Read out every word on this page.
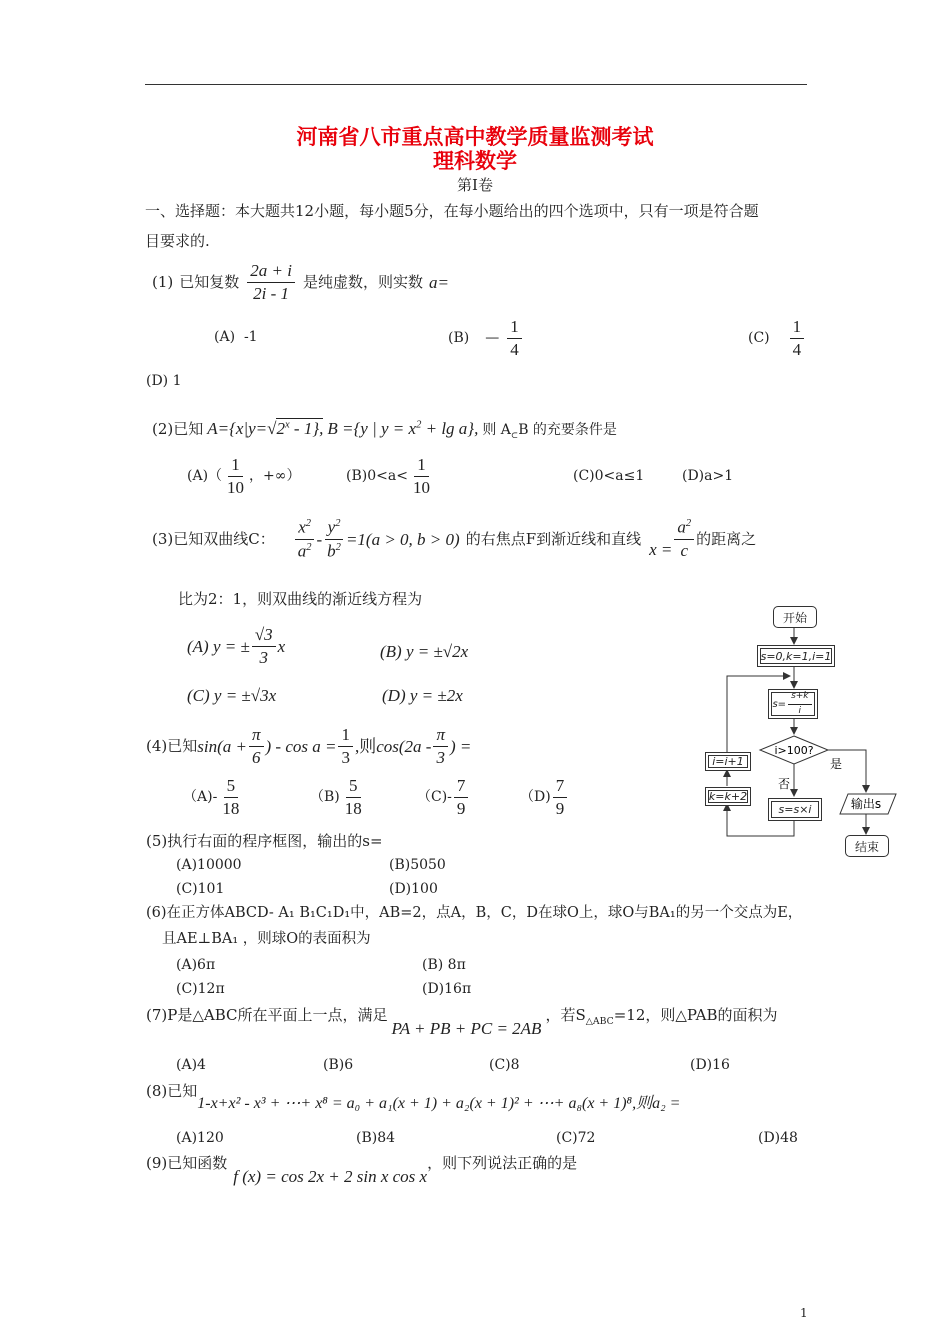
河南省八市重点高中教学质量监测考试
理科数学
第Ⅰ卷
一、选择题：本大题共12小题，每小题5分，在每小题给出的四个选项中，只有一项是符合题
目要求的.
(1) 已知复数 $\frac{2a + i}{2i - 1}$ 是纯虚数，则实数 a=
(A) -1	(B) — $\frac{1}{4}$	$(C) \frac{1}{4}$
(D) 1
(2)已知 $A=\{x|y=√2^x - 1\}$, B ={y | $y = x^2 + \lg a$}, 则 $A_\subset B$ 的充要条件是
$(A)( \frac{1}{10}$ ，+∞）	$(B)0<a< \frac{1}{10}$	(C)0<a≤1	(D)a>1
(3)已知双曲线C： $\frac{x^2}{a^2} - \frac{y^2}{b^2} =1(a > 0$, b > 0) 的右焦点F到渐近线和直线
$x = \frac{a^2}{c}$ 的距离之
比为2：1，则双曲线的渐近线方程为
(A) y = ± $\frac{√3}{3}$ x	(B) y = ±√2x
(C) y = ±√3x	(D) y = ±2x
(4)已知 $\sin(a + \frac{\pi}{6}$ ) - $\cos a = \frac{1}{3}$ ,则 $\cos(2a - \frac{\pi}{3}$ ) =
$(A)- \frac{5}{18}$	$(B) \frac{5}{18}$	$(C)- \frac{7}{9}$	$(D) \frac{7}{9}$
(5)执行右面的程序框图，输出的s=
(A)10000	(B)5050
(C)101	(D)100
(6)在正方体ABCD- A₁ B₁C₁D₁中，AB=2，点A，B，C，D在球O上，球O与BA₁的另一个交点为E，
且AE⊥BA₁ ，则球O的表面积为
(A)6π	(B) 8π
(C)12π	(D)16π
(7)P是△ABC所在平面上一点，满足
PA + PB + PC = 2AB
，若$S_{\triangle ABC}=12$，则△PAB的面积为
(A)4	(B)6	(C)8	(D)16
(8)已知
1-x+x² - x³ + ⋯+ x⁸ = a₀ + a₁(x + 1) + a₂(x + 1)² + ⋯+ a₈(x + 1)⁸,则a₂ =
(A)120	(B)84	(C)72	(D)48
(9)已知函数
f (x) = cos 2x + 2 sin x cos x
，则下列说法正确的是
i>100?
是
否
输出s
开始
s=0,k=1,i=1
$s= \frac{s+k}{i}$
i=i+1
k=k+2
s=s×i
结束
1
